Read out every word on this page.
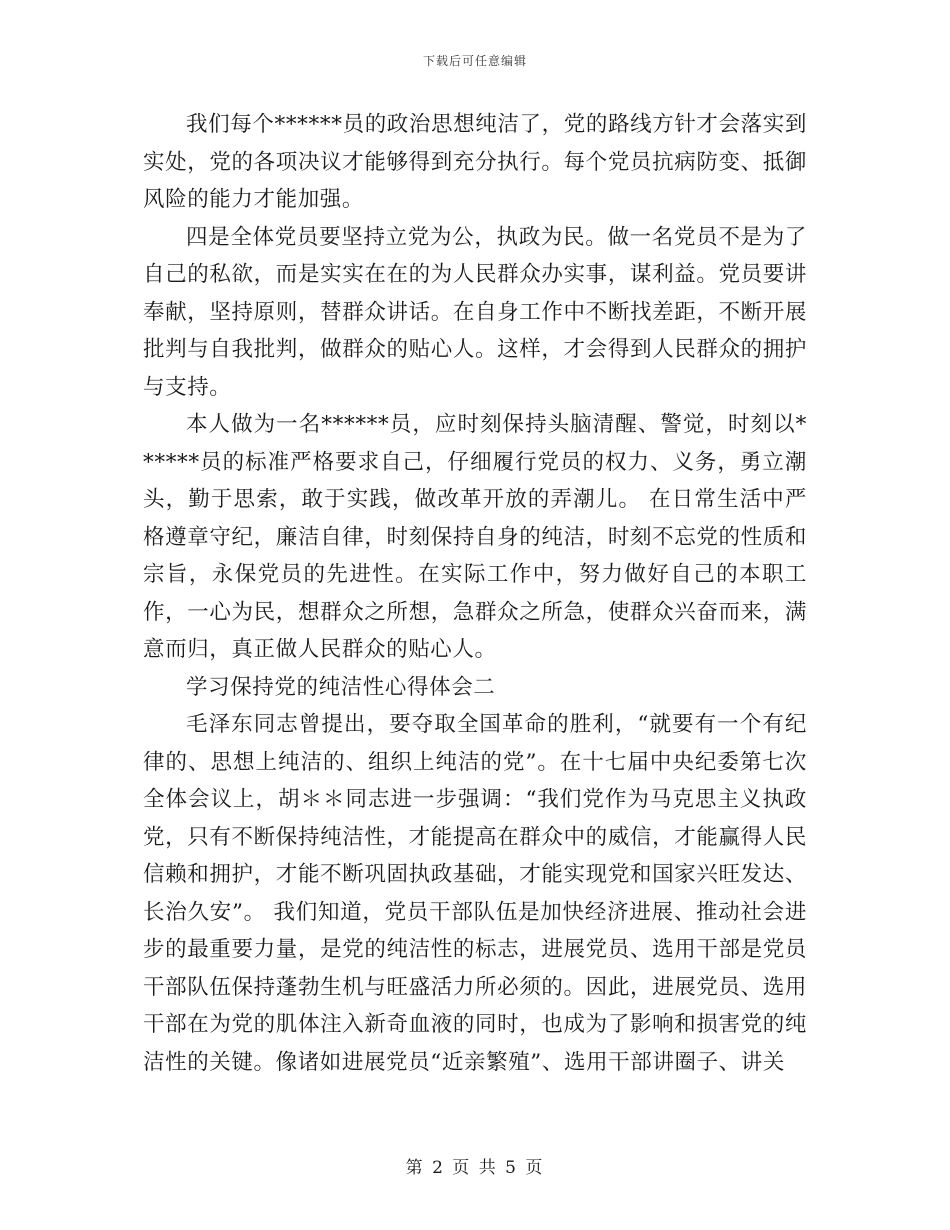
下载后可任意编辑

我们每个******员的政治思想纯洁了，党的路线方针才会落实到实处，党的各项决议才能够得到充分执行。每个党员抗病防变、抵御风险的能力才能加强。

四是全体党员要坚持立党为公，执政为民。做一名党员不是为了自己的私欲，而是实实在在的为人民群众办实事，谋利益。党员要讲奉献，坚持原则，替群众讲话。在自身工作中不断找差距，不断开展批判与自我批判，做群众的贴心人。这样，才会得到人民群众的拥护与支持。

本人做为一名******员，应时刻保持头脑清醒、警觉，时刻以******员的标准严格要求自己，仔细履行党员的权力、义务，勇立潮头，勤于思索，敢于实践，做改革开放的弄潮儿。 在日常生活中严格遵章守纪，廉洁自律，时刻保持自身的纯洁，时刻不忘党的性质和宗旨，永保党员的先进性。在实际工作中，努力做好自己的本职工作，一心为民，想群众之所想，急群众之所急，使群众兴奋而来，满意而归，真正做人民群众的贴心人。

学习保持党的纯洁性心得体会二

毛泽东同志曾提出，要夺取全国革命的胜利，“就要有一个有纪律的、思想上纯洁的、组织上纯洁的党”。在十七届中央纪委第七次全体会议上，胡＊＊同志进一步强调：“我们党作为马克思主义执政党，只有不断保持纯洁性，才能提高在群众中的威信，才能赢得人民信赖和拥护，才能不断巩固执政基础，才能实现党和国家兴旺发达、长治久安”。 我们知道，党员干部队伍是加快经济进展、推动社会进步的最重要力量，是党的纯洁性的标志，进展党员、选用干部是党员干部队伍保持蓬勃生机与旺盛活力所必须的。因此，进展党员、选用干部在为党的肌体注入新奇血液的同时，也成为了影响和损害党的纯洁性的关键。像诸如进展党员“近亲繁殖”、选用干部讲圈子、讲关

第 2 页 共 5 页
